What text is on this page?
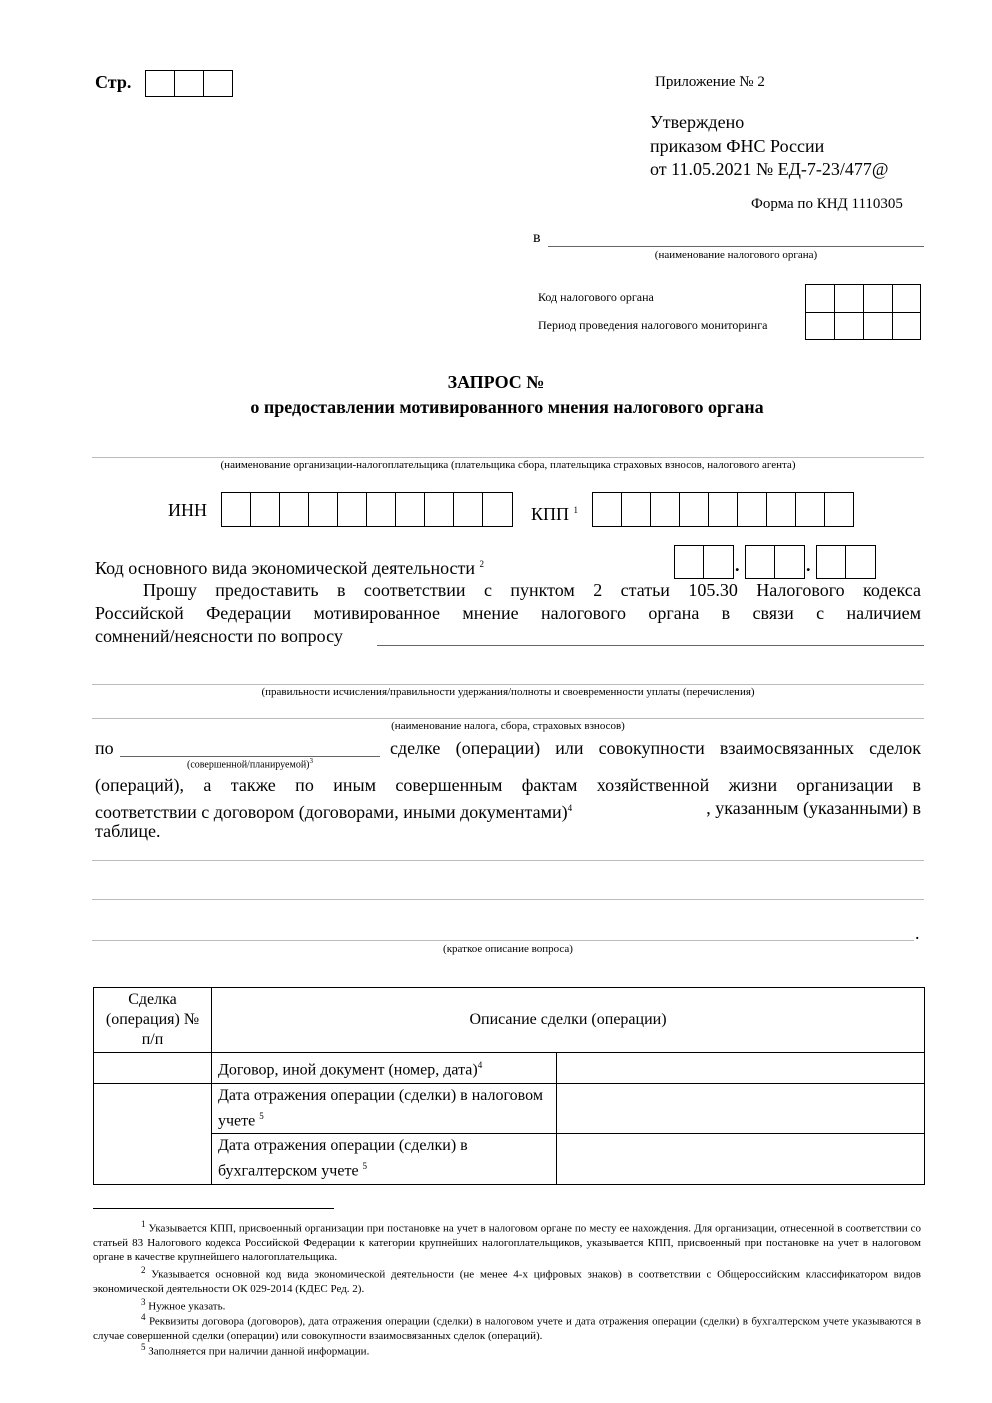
Стр.	Приложение № 2
Утверждено
приказом ФНС России
от 11.05.2021 № ЕД-7-23/477@
Форма по КНД 1110305
в
(наименование налогового органа)
Код налогового органа
Период проведения налогового мониторинга
ЗАПРОС №
о предоставлении мотивированного мнения налогового органа
(наименование организации-налогоплательщика (плательщика сбора, плательщика страховых взносов, налогового агента)
ИНН	КПП $^1$
Код основного вида экономической деятельности $^2$	.	.
Прошу предоставить в соответствии с пунктом 2 статьи 105.30 Налогового кодекса
Российской Федерации мотивированное мнение налогового органа в связи с наличием
сомнений/неясности по вопросу
(правильности исчисления/правильности удержания/полноты и своевременности уплаты (перечисления)
(наименование налога, сбора, страховых взносов)
по
(совершенной/планируемой)$^3$
сделке (операции) или совокупности взаимосвязанных сделок
(операций), а также по иным совершенным фактам хозяйственной жизни организации в
соответствии с договором (договорами, иными документами)$^4$	, указанным (указанными) в
таблице.
.
(краткое описание вопроса)
Сделка (операция) № п/п	Описание сделки (операции)	
	Договор, иной документ (номер, дата)$^4$	
	Дата отражения операции (сделки) в налоговом учете $^5$	
	Дата отражения операции (сделки) в бухгалтерском учете $^5$	
$^1$ Указывается КПП, присвоенный организации при постановке на учет в налоговом органе по месту ее нахождения. Для организации, отнесенной в соответствии со статьей 83 Налогового кодекса Российской Федерации к категории крупнейших налогоплательщиков, указывается КПП, присвоенный при постановке на учет в налоговом органе в качестве крупнейшего налогоплательщика.
$^2$ Указывается основной код вида экономической деятельности (не менее 4-х цифровых знаков) в соответствии с Общероссийским классификатором видов экономической деятельности ОК 029-2014 (КДЕС Ред. 2).
$^3$ Нужное указать.
$^4$ Реквизиты договора (договоров), дата отражения операции (сделки) в налоговом учете и дата отражения операции (сделки) в бухгалтерском учете указываются в случае совершенной сделки (операции) или совокупности взаимосвязанных сделок (операций).
$^5$ Заполняется при наличии данной информации.
